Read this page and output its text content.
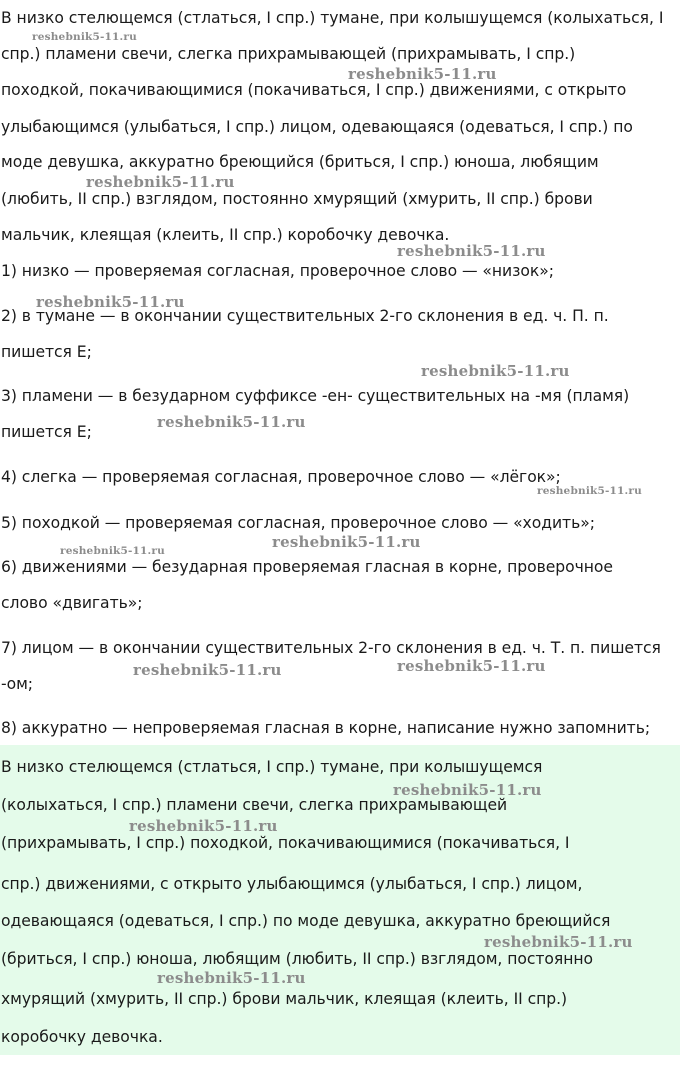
В низко стелющемся (стлаться, I спр.) тумане, при колышущемся (колыхаться, I
спр.) пламени свечи, слегка прихрамывающей (прихрамывать, I спр.)
походкой, покачивающимися (покачиваться, I спр.) движениями, с открыто
улыбающимся (улыбаться, I спр.) лицом, одевающаяся (одеваться, I спр.) по
моде девушка, аккуратно бреющийся (бриться, I спр.) юноша, любящим
(любить, II спр.) взглядом, постоянно хмурящий (хмурить, II спр.) брови
мальчик, клеящая (клеить, II спр.) коробочку девочка.
1) низко — проверяемая согласная, проверочное слово — «низок»;
2) в тумане — в окончании существительных 2-го склонения в ед. ч. П. п.
пишется Е;
3) пламени — в безударном суффиксе -ен- существительных на -мя (пламя)
пишется Е;
4) слегка — проверяемая согласная, проверочное слово — «лёгок»;
5) походкой — проверяемая согласная, проверочное слово — «ходить»;
6) движениями — безударная проверяемая гласная в корне, проверочное
слово «двигать»;
7) лицом — в окончании существительных 2-го склонения в ед. ч. Т. п. пишется
-ом;
8) аккуратно — непроверяемая гласная в корне, написание нужно запомнить;
В низко стелющемся (стлаться, I спр.) тумане, при колышущемся
(колыхаться, I спр.) пламени свечи, слегка прихрамывающей
(прихрамывать, I спр.) походкой, покачивающимися (покачиваться, I
спр.) движениями, с открыто улыбающимся (улыбаться, I спр.) лицом,
одевающаяся (одеваться, I спр.) по моде девушка, аккуратно бреющийся
(бриться, I спр.) юноша, любящим (любить, II спр.) взглядом, постоянно
хмурящий (хмурить, II спр.) брови мальчик, клеящая (клеить, II спр.)
коробочку девочка.
reshebnik5-11.ru
reshebnik5-11.ru
reshebnik5-11.ru
reshebnik5-11.ru
reshebnik5-11.ru
reshebnik5-11.ru
reshebnik5-11.ru
reshebnik5-11.ru
reshebnik5-11.ru
reshebnik5-11.ru
reshebnik5-11.ru
reshebnik5-11.ru
reshebnik5-11.ru
reshebnik5-11.ru
reshebnik5-11.ru
reshebnik5-11.ru
